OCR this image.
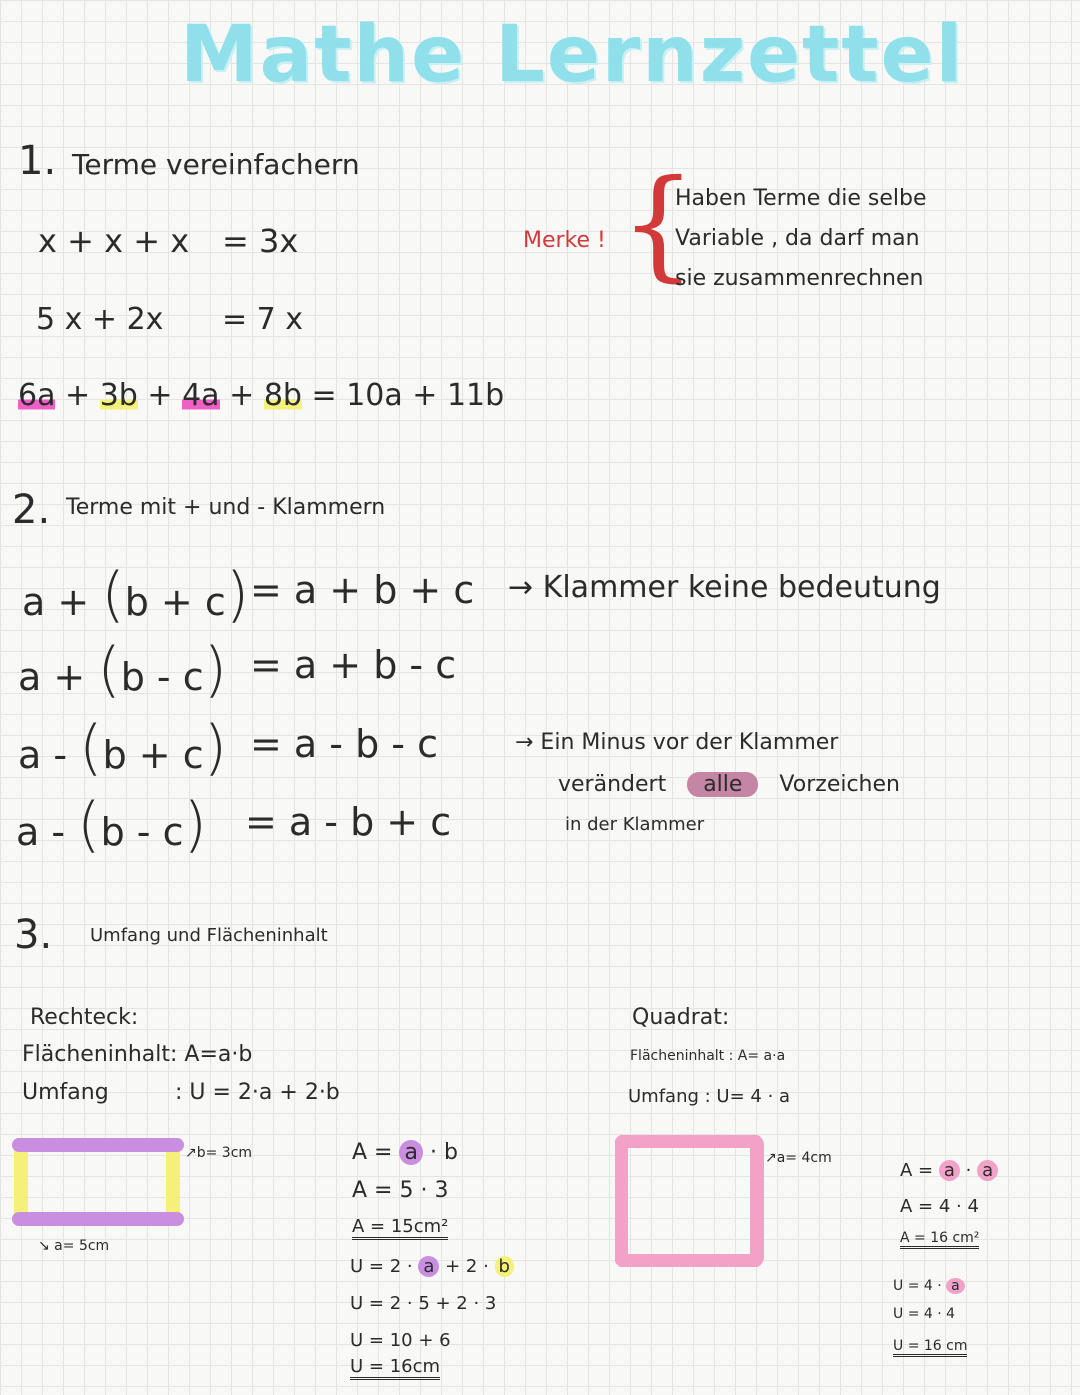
Mathe Lernzettel
1. Terme vereinfachern
x + x + x = 3x
5 x + 2x = 7 x
6a + 3b + 4a + 8b = 10a + 11b
Merke ! {
Haben Terme die selbe
Variable , da darf man
sie zusammenrechnen
2. Terme mit + und - Klammern
a + (b + c) = a + b + c
a + (b - c) = a + b - c
a - (b + c) = a - b - c
a - (b - c) = a - b + c
→ Klammer keine bedeutung
→ Ein Minus vor der Klammer
verändert alle Vorzeichen
in der Klammer
3. Umfang und Flächeninhalt
Rechteck:
Flächeninhalt: A=a·b
Umfang	: U = 2·a + 2·b
↗b= 3cm
↘ a= 5cm
A = a · b
A = 5 · 3
A = 15cm²
U = 2 · a + 2 · b
U = 2 · 5 + 2 · 3
U = 10 + 6
U = 16cm
Quadrat:
Flächeninhalt : A= a·a
Umfang : U= 4 · a
↗a= 4cm
A = a · a
A = 4 · 4
A = 16 cm²
U = 4 · a
U = 4 · 4
U = 16 cm
